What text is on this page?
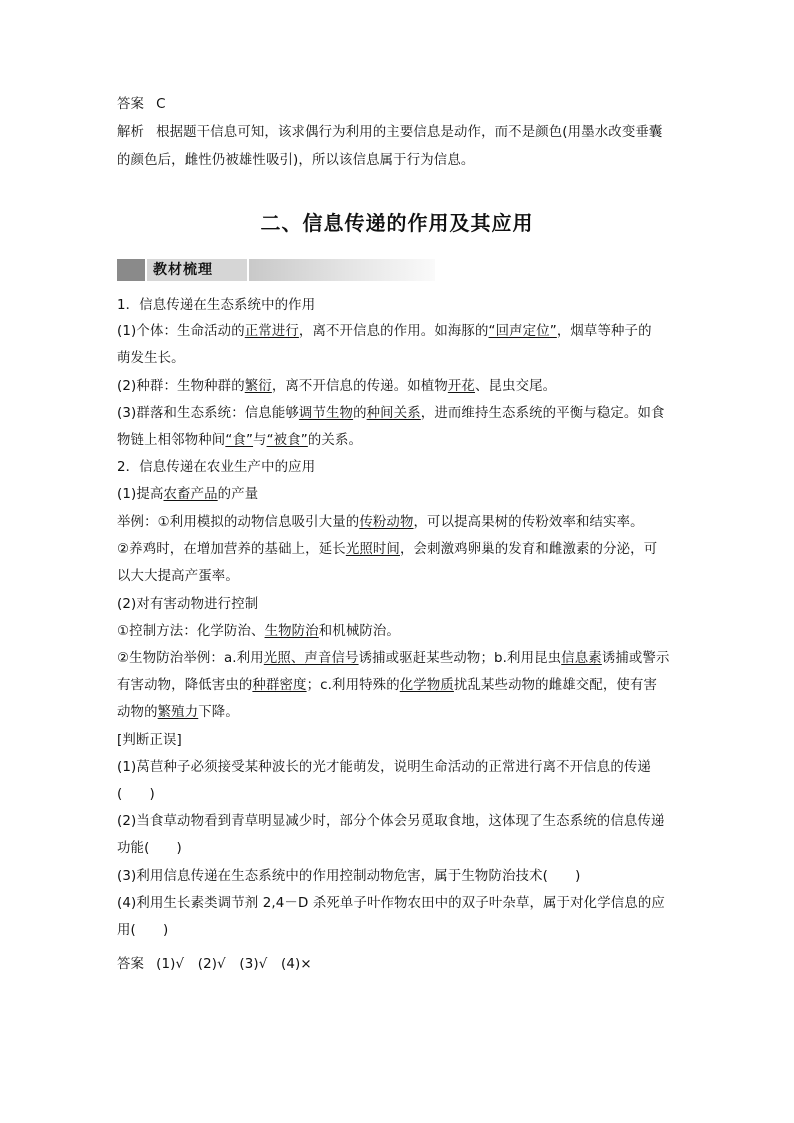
答案 C
解析 根据题干信息可知，该求偶行为利用的主要信息是动作，而不是颜色(用墨水改变垂囊
的颜色后，雌性仍被雄性吸引)，所以该信息属于行为信息。
二、信息传递的作用及其应用
教材梳理
1．信息传递在生态系统中的作用
(1)个体：生命活动的正常进行，离不开信息的作用。如海豚的“回声定位”，烟草等种子的
萌发生长。
(2)种群：生物种群的繁衍，离不开信息的传递。如植物开花、昆虫交尾。
(3)群落和生态系统：信息能够调节生物的种间关系，进而维持生态系统的平衡与稳定。如食
物链上相邻物种间“食”与“被食”的关系。
2．信息传递在农业生产中的应用
(1)提高农畜产品的产量
举例：①利用模拟的动物信息吸引大量的传粉动物，可以提高果树的传粉效率和结实率。
②养鸡时，在增加营养的基础上，延长光照时间，会刺激鸡卵巢的发育和雌激素的分泌，可
以大大提高产蛋率。
(2)对有害动物进行控制
①控制方法：化学防治、生物防治和机械防治。
②生物防治举例：a.利用光照、声音信号诱捕或驱赶某些动物；b.利用昆虫信息素诱捕或警示
有害动物，降低害虫的种群密度；c.利用特殊的化学物质扰乱某些动物的雌雄交配，使有害
动物的繁殖力下降。
[判断正误]
(1)莴苣种子必须接受某种波长的光才能萌发，说明生命活动的正常进行离不开信息的传递
(　　)
(2)当食草动物看到青草明显减少时，部分个体会另觅取食地，这体现了生态系统的信息传递
功能(　　)
(3)利用信息传递在生态系统中的作用控制动物危害，属于生物防治技术(　　)
(4)利用生长素类调节剂 2,4－D 杀死单子叶作物农田中的双子叶杂草，属于对化学信息的应
用(　　)
答案 (1)√　(2)√　(3)√　(4)×
